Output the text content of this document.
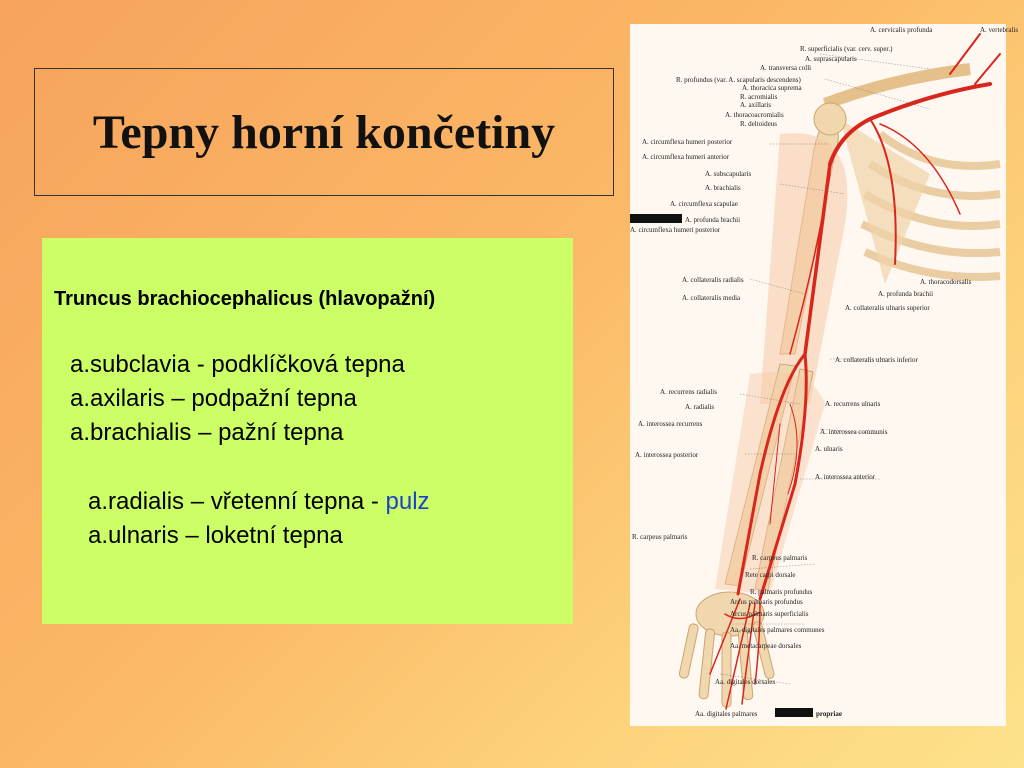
Tepny horní končetiny
Truncus brachiocephalicus (hlavopažní)
a.subclavia - podklíčková tepna
a.axilaris – podpažní tepna
a.brachialis – pažní tepna
a.radialis – vřetenní tepna - pulz
a.ulnaris – loketní tepna
A. cervicalis profunda	A. vertebralis
R. superficialis (var. cerv. super.)
A. suprascapularis
A. transversa colli
R. profundus (var. A. scapularis descendens)
A. thoracica suprema
R. acromialis
A. axillaris
A. thoracoacromialis
R. deltoideus
A. circumflexa humeri posterior
A. circumflexa humeri anterior
A. subscapularis
A. brachialis
A. circumflexa scapulae
A. profunda brachii
A. circumflexa humeri posterior
A. thoracodorsalis
A. collateralis radialis
A. profunda brachii
A. collateralis media
A. collateralis ulnaris superior
A. collateralis ulnaris inferior
A. recurrens radialis
A. recurrens ulnaris
A. radialis
A. interossea recurrens
A. interossea communis
A. ulnaris
A. interossea posterior
A. interossea anterior
R. carpeus palmaris
R. carpeus palmaris
Rete carpi dorsale
R. palmaris profundus
Arcus palmaris profundus
Arcus palmaris superficialis
Aa. digitales palmares communes
Aa. metacarpeae dorsales
Aa. digitales dorsales
Aa. digitales palmares	propriae
